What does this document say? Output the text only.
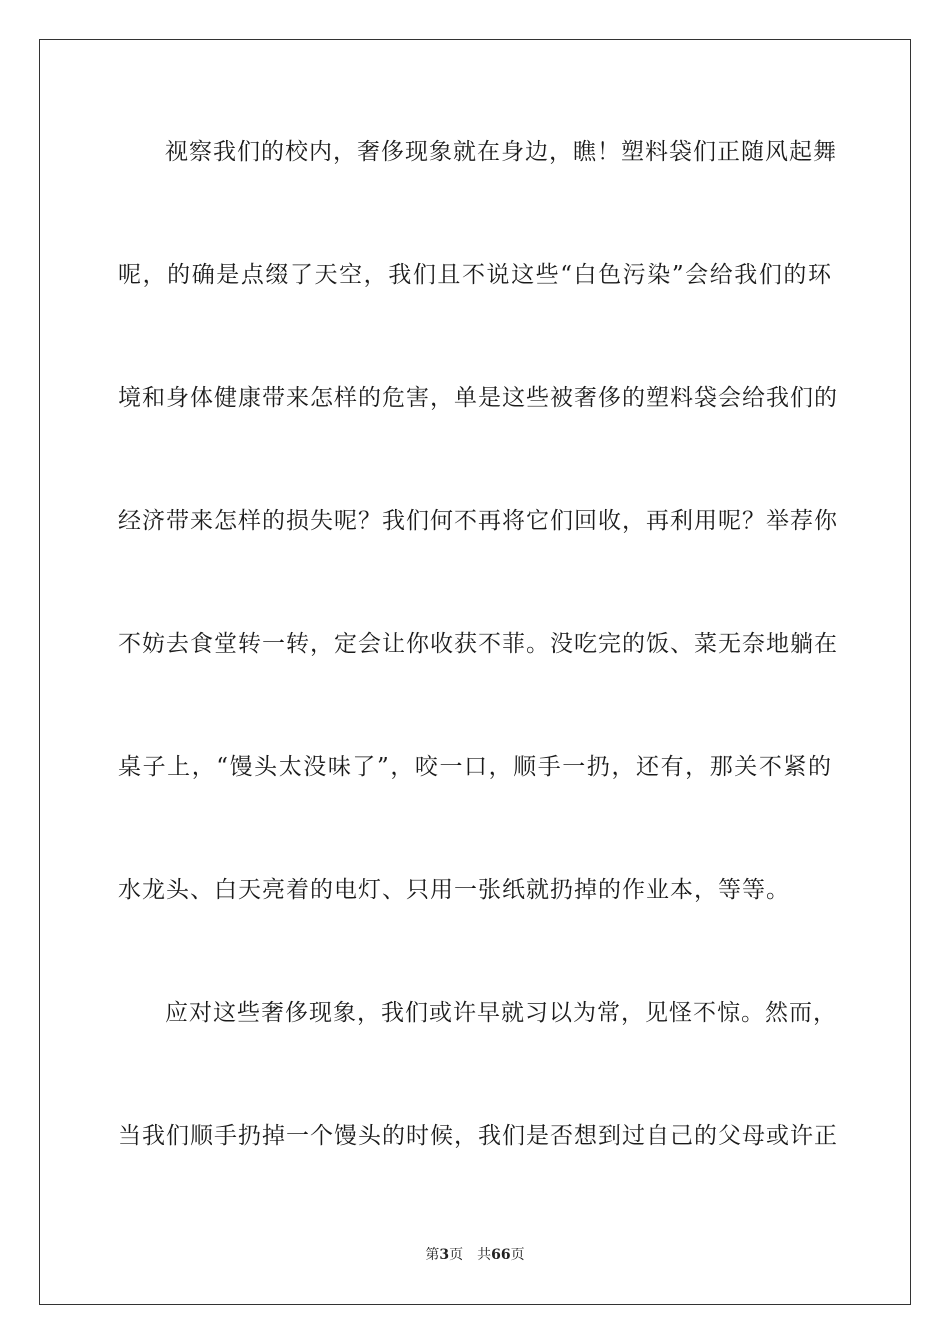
视察我们的校内，奢侈现象就在身边，瞧！塑料袋们正随风起舞
呢，的确是点缀了天空，我们且不说这些“白色污染”会给我们的环
境和身体健康带来怎样的危害，单是这些被奢侈的塑料袋会给我们的
经济带来怎样的损失呢？我们何不再将它们回收，再利用呢？举荐你
不妨去食堂转一转，定会让你收获不菲。没吃完的饭、菜无奈地躺在
桌子上，“馒头太没味了”，咬一口，顺手一扔，还有，那关不紧的
水龙头、白天亮着的电灯、只用一张纸就扔掉的作业本，等等。
应对这些奢侈现象，我们或许早就习以为常，见怪不惊。然而，
当我们顺手扔掉一个馒头的时候，我们是否想到过自己的父母或许正
第3页 共66页
